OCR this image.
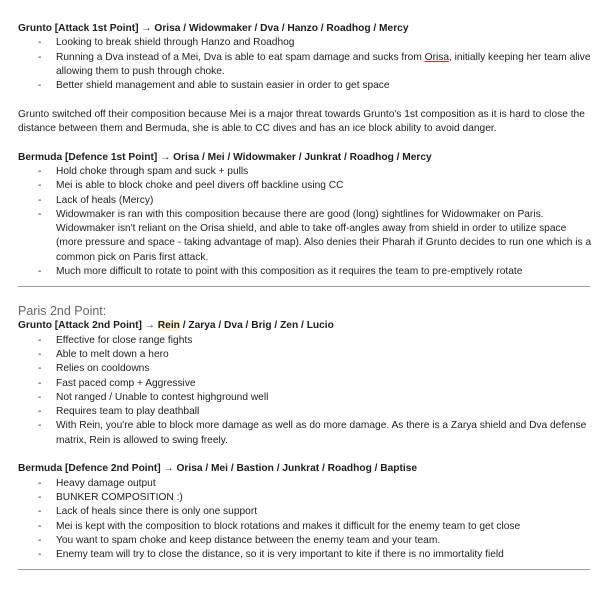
Grunto [Attack 1st Point] → Orisa / Widowmaker / Dva / Hanzo / Roadhog / Mercy
- Looking to break shield through Hanzo and Roadhog
- Running a Dva instead of a Mei, Dva is able to eat spam damage and sucks from Orisa, initially keeping her team alive allowing them to push through choke.
- Better shield management and able to sustain easier in order to get space

Grunto switched off their composition because Mei is a major threat towards Grunto's 1st composition as it is hard to close the distance between them and Bermuda, she is able to CC dives and has an ice block ability to avoid danger.

Bermuda [Defence 1st Point] → Orisa / Mei / Widowmaker / Junkrat / Roadhog / Mercy
- Hold choke through spam and suck + pulls
- Mei is able to block choke and peel divers off backline using CC
- Lack of heals (Mercy)
- Widowmaker is ran with this composition because there are good (long) sightlines for Widowmaker on Paris. Widowmaker isn't reliant on the Orisa shield, and able to take off-angles away from shield in order to utilize space (more pressure and space - taking advantage of map). Also denies their Pharah if Grunto decides to run one which is a common pick on Paris first attack.
- Much more difficult to rotate to point with this composition as it requires the team to pre-emptively rotate
Paris 2nd Point:
Grunto [Attack 2nd Point] → Rein / Zarya / Dva / Brig / Zen / Lucio
- Effective for close range fights
- Able to melt down a hero
- Relies on cooldowns
- Fast paced comp + Aggressive
- Not ranged / Unable to contest highground well
- Requires team to play deathball
- With Rein, you're able to block more damage as well as do more damage. As there is a Zarya shield and Dva defense matrix, Rein is allowed to swing freely.
Bermuda [Defence 2nd Point] → Orisa / Mei / Bastion / Junkrat / Roadhog / Baptise
- Heavy damage output
- BUNKER COMPOSITION :)
- Lack of heals since there is only one support
- Mei is kept with the composition to block rotations and makes it difficult for the enemy team to get close
- You want to spam choke and keep distance between the enemy team and your team.
- Enemy team will try to close the distance, so it is very important to kite if there is no immortality field
